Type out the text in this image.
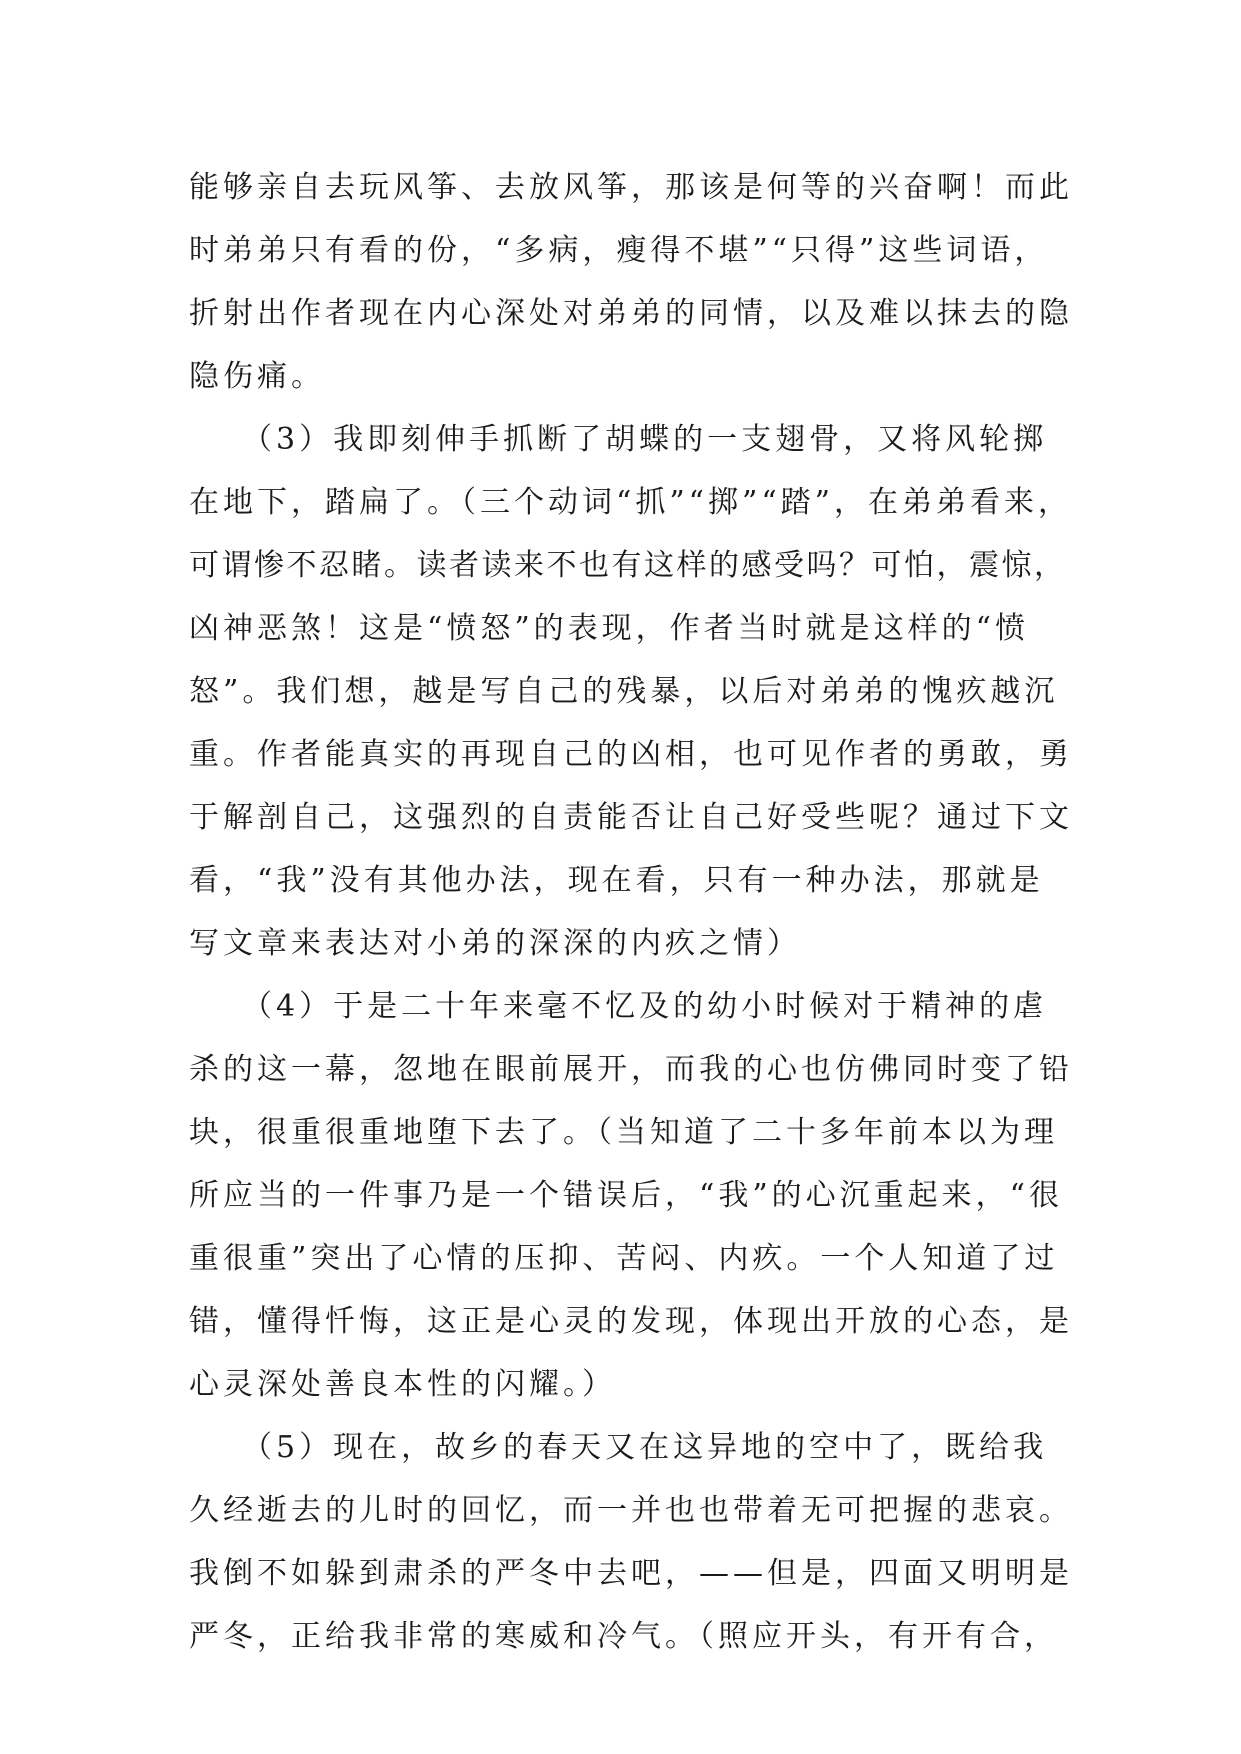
能够亲自去玩风筝、去放风筝，那该是何等的兴奋啊！而此

时弟弟只有看的份，“多病，瘦得不堪”“只得”这些词语，

折射出作者现在内心深处对弟弟的同情，以及难以抹去的隐

隐伤痛。

　　（3）我即刻伸手抓断了胡蝶的一支翅骨，又将风轮掷

在地下，踏扁了。（三个动词“抓”“掷”“踏”，在弟弟看来，

可谓惨不忍睹。读者读来不也有这样的感受吗？可怕，震惊，

凶神恶煞！这是“愤怒”的表现，作者当时就是这样的“愤

怒”。我们想，越是写自己的残暴，以后对弟弟的愧疚越沉

重。作者能真实的再现自己的凶相，也可见作者的勇敢，勇

于解剖自己，这强烈的自责能否让自己好受些呢？通过下文

看，“我”没有其他办法，现在看，只有一种办法，那就是

写文章来表达对小弟的深深的内疚之情）

　　（4）于是二十年来毫不忆及的幼小时候对于精神的虐

杀的这一幕，忽地在眼前展开，而我的心也仿佛同时变了铅

块，很重很重地堕下去了。（当知道了二十多年前本以为理

所应当的一件事乃是一个错误后，“我”的心沉重起来，“很

重很重”突出了心情的压抑、苦闷、内疚。一个人知道了过

错，懂得忏悔，这正是心灵的发现，体现出开放的心态，是

心灵深处善良本性的闪耀。）

　　（5）现在，故乡的春天又在这异地的空中了，既给我

久经逝去的儿时的回忆，而一并也也带着无可把握的悲哀。

我倒不如躲到肃杀的严冬中去吧，——但是，四面又明明是

严冬，正给我非常的寒威和冷气。（照应开头，有开有合，
